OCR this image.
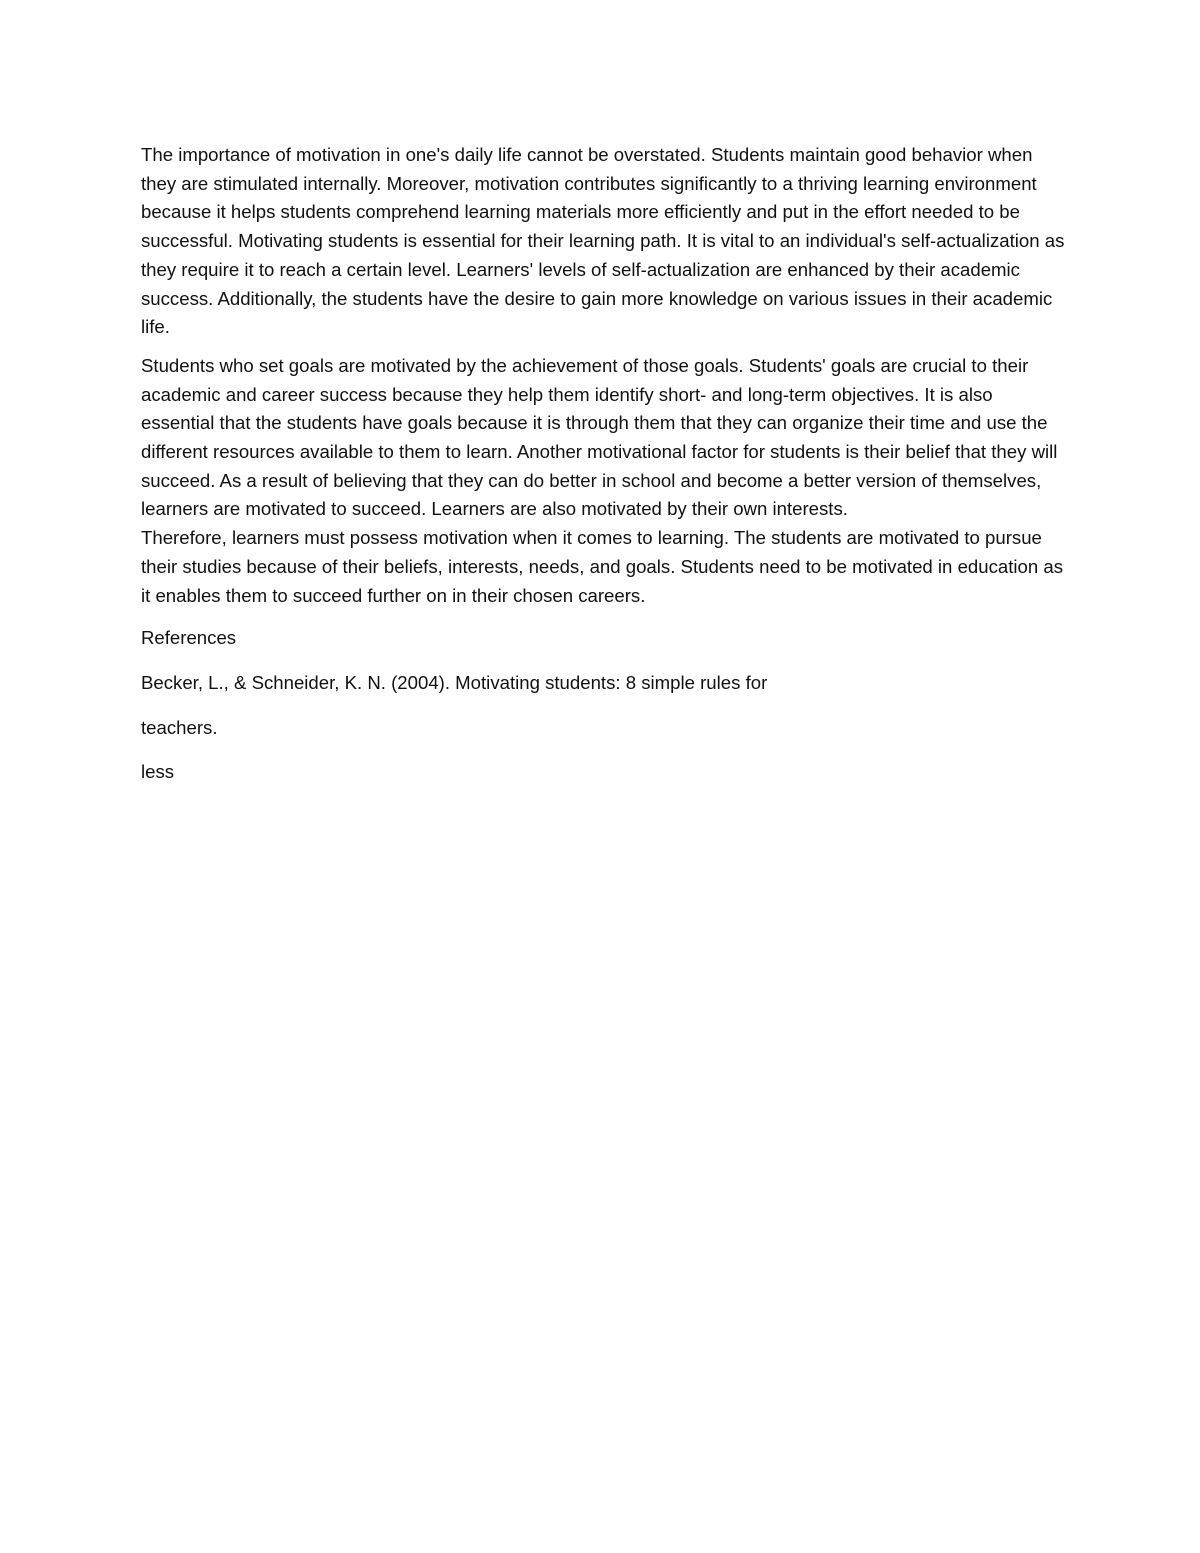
The importance of motivation in one's daily life cannot be overstated. Students maintain good behavior when they are stimulated internally. Moreover, motivation contributes significantly to a thriving learning environment because it helps students comprehend learning materials more efficiently and put in the effort needed to be successful. Motivating students is essential for their learning path. It is vital to an individual's self-actualization as they require it to reach a certain level. Learners' levels of self-actualization are enhanced by their academic success. Additionally, the students have the desire to gain more knowledge on various issues in their academic life.

Students who set goals are motivated by the achievement of those goals. Students' goals are crucial to their academic and career success because they help them identify short- and long-term objectives. It is also essential that the students have goals because it is through them that they can organize their time and use the different resources available to them to learn. Another motivational factor for students is their belief that they will succeed. As a result of believing that they can do better in school and become a better version of themselves, learners are motivated to succeed. Learners are also motivated by their own interests.

Therefore, learners must possess motivation when it comes to learning. The students are motivated to pursue their studies because of their beliefs, interests, needs, and goals. Students need to be motivated in education as it enables them to succeed further on in their chosen careers.

References

Becker, L., & Schneider, K. N. (2004). Motivating students: 8 simple rules for

teachers.

less
